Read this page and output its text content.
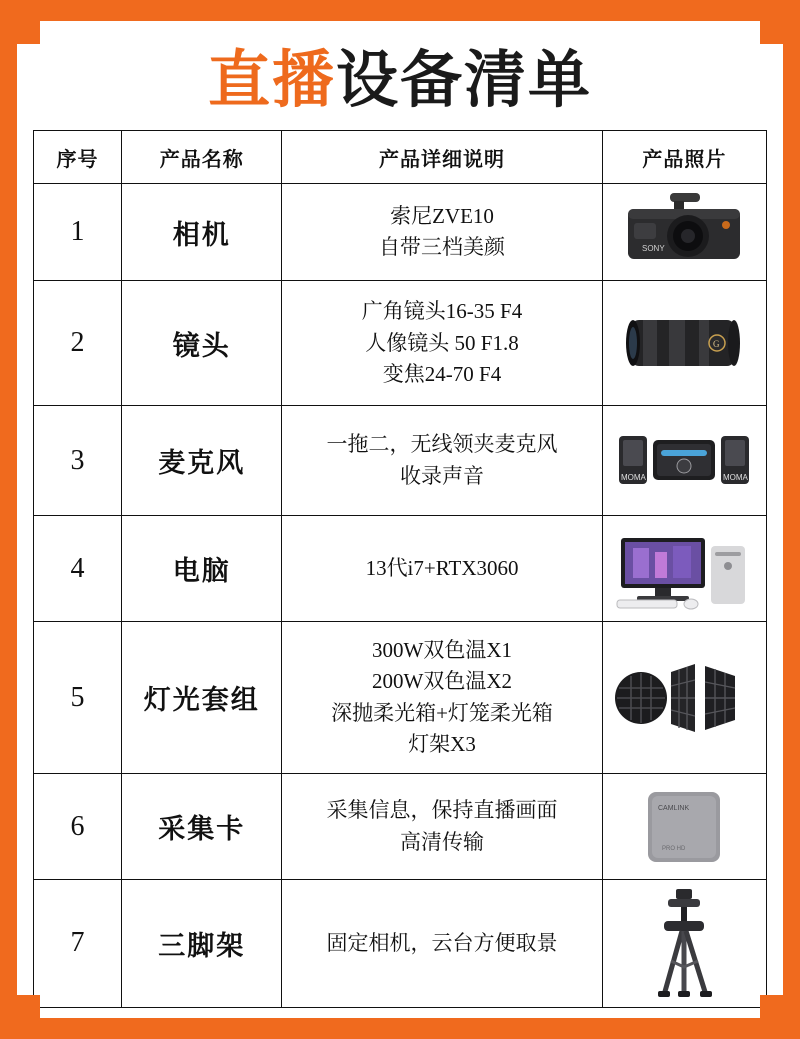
直播设备清单
序号	产品名称	产品详细说明	产品照片
1	相机	索尼ZVE10
自带三档美颜	SONY

2	镜头	广角镜头16-35 F4
人像镜头 50 F1.8
变焦24-70 F4	G

3	麦克风	一拖二，无线领夹麦克风
收录声音	MOMA MOMA

4	电脑	13代i7+RTX3060

5	灯光套组	300W双色温X1
200W双色温X2
深抛柔光箱+灯笼柔光箱
灯架X3

6	采集卡	采集信息，保持直播画面
高清传输	CAMLINK
PRO HD

7	三脚架	固定相机，云台方便取景
